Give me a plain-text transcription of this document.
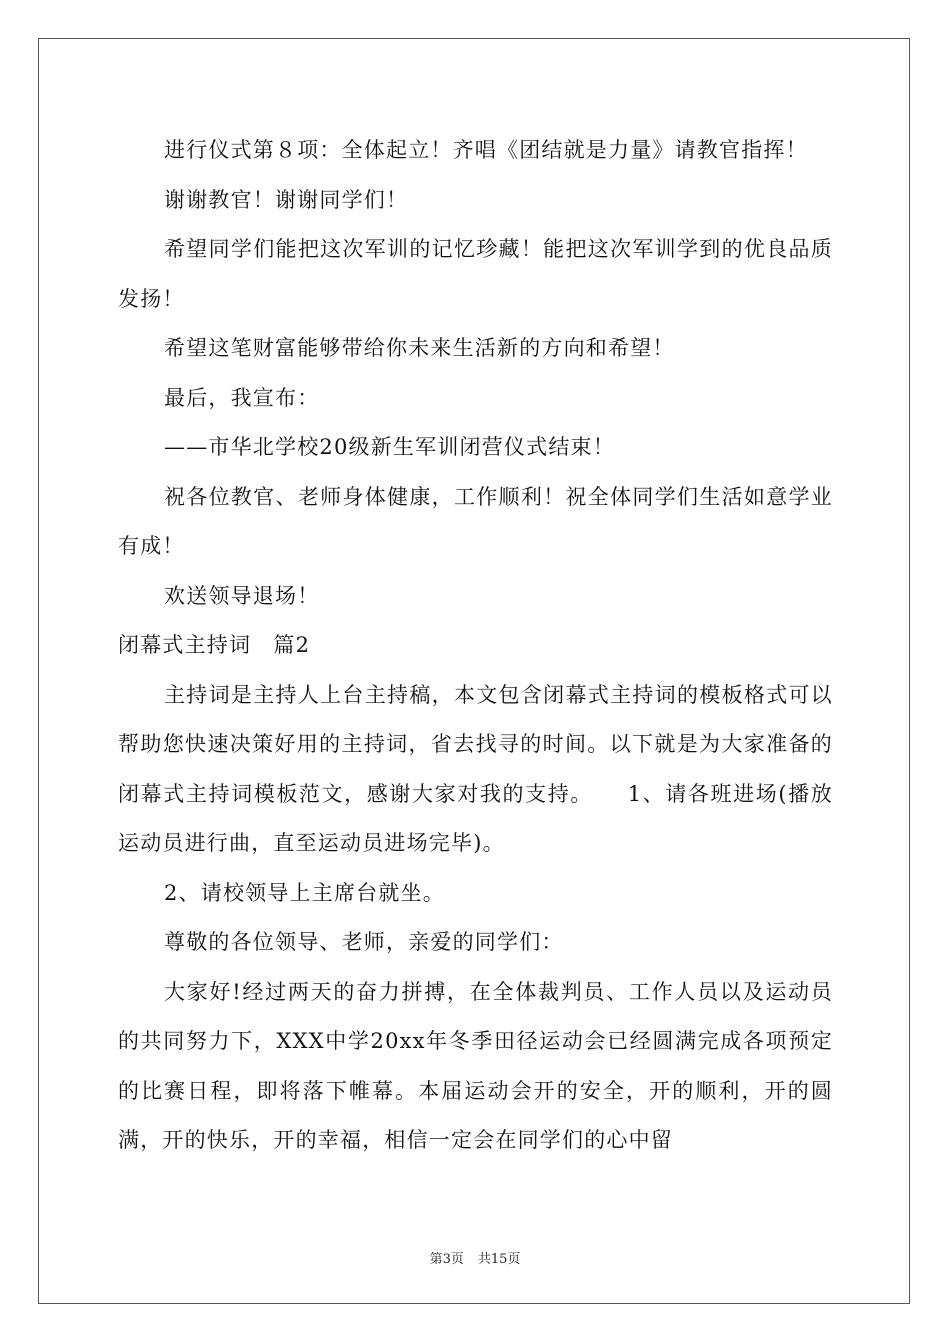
进行仪式第８项：全体起立！齐唱《团结就是力量》请教官指挥！

谢谢教官！谢谢同学们！

希望同学们能把这次军训的记忆珍藏！能把这次军训学到的优良品质发扬！

希望这笔财富能够带给你未来生活新的方向和希望！

最后，我宣布：

——市华北学校20级新生军训闭营仪式结束！

祝各位教官、老师身体健康，工作顺利！祝全体同学们生活如意学业有成！

欢送领导退场！

闭幕式主持词　篇2

主持词是主持人上台主持稿，本文包含闭幕式主持词的模板格式可以帮助您快速决策好用的主持词，省去找寻的时间。以下就是为大家准备的闭幕式主持词模板范文，感谢大家对我的支持。　　1、请各班进场(播放运动员进行曲，直至运动员进场完毕)。

2、请校领导上主席台就坐。

尊敬的各位领导、老师，亲爱的同学们：

大家好!经过两天的奋力拼搏，在全体裁判员、工作人员以及运动员的共同努力下，XXX中学20xx年冬季田径运动会已经圆满完成各项预定的比赛日程，即将落下帷幕。本届运动会开的安全，开的顺利，开的圆满，开的快乐，开的幸福，相信一定会在同学们的心中留

第3页 共15页
